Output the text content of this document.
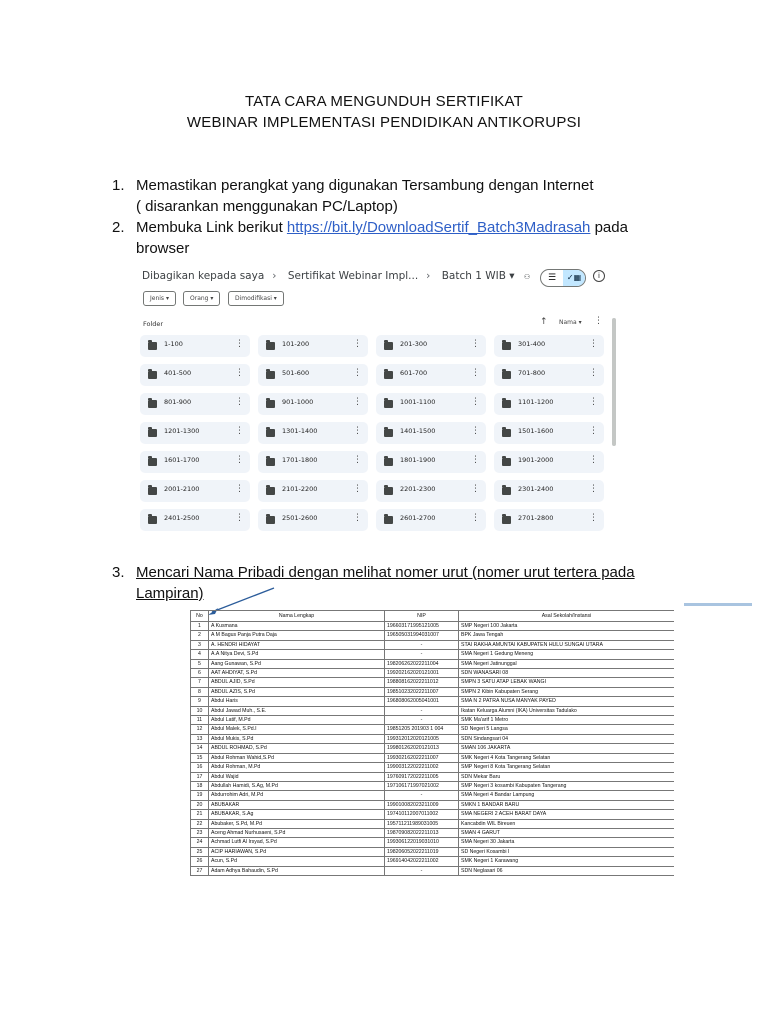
TATA CARA MENGUNDUH SERTIFIKAT
WEBINAR IMPLEMENTASI PENDIDIKAN ANTIKORUPSI
1. Memastikan perangkat yang digunakan Tersambung dengan Internet
( disarankan menggunakan PC/Laptop)
2. Membuka Link berikut https://bit.ly/DownloadSertif_Batch3Madrasah pada
browser
Dibagikan kepada saya › Sertifikat Webinar Impl... › Batch 1 WIB ▾ ⚇	☰	✓▦	i
Jenis ▾	Orang ▾	Dimodifikasi ▾
Folder	↑ Nama ▾ ⋮
1-100	⋮	101-200	⋮	201-300	⋮	301-400	⋮
401-500	⋮	501-600	⋮	601-700	⋮	701-800	⋮
801-900	⋮	901-1000	⋮	1001-1100	⋮	1101-1200	⋮
1201-1300	⋮	1301-1400	⋮	1401-1500	⋮	1501-1600	⋮
1601-1700	⋮	1701-1800	⋮	1801-1900	⋮	1901-2000	⋮
2001-2100	⋮	2101-2200	⋮	2201-2300	⋮	2301-2400	⋮
2401-2500	⋮	2501-2600	⋮	2601-2700	⋮	2701-2800	⋮
3. Mencari Nama Pribadi dengan melihat nomer urut (nomer urut tertera pada
Lampiran)
No	Nama Lengkap	NIP	Asal Sekolah/Instansi
1	A Kusmana	196603171995121005	SMP Negeri 100 Jakarta
2	A M Bagus Panja Putra Daja	196505031994031007	BPK Jawa Tengah
3	A. HENDRI HIDAYAT	-	STAI RAKHA AMUNTAI KABUPATEN HULU SUNGAI UTARA
4	A.A Nitya Devi, S.Pd	-	SMA Negeri 1 Gedung Meneng
5	Aang Gunawan, S.Pd	198206262022211004	SMA Negeri Jatinunggal
6	AAT AHDIYAT, S.Pd	199202162020121001	SDN WANASARI 08
7	ABDUL AJID, S.Pd	198808162022211012	SMPN 3 SATU ATAP LEBAK WANGI
8	ABDUL AZIS, S.Pd	198510232022211007	SMPN 2 Kibin Kabupaten Serang
9	Abdul Haris	196808062005041001	SMA N 2 PATRA NUSA MANYAK PAYED
10	Abdul Jawad Muh., S.E.	-	Ikatan Keluarga Alumni (IKA) Universitas Tadulako
11	Abdul Latif, M.Pd	-	SMK Ma'arif 1 Metro
12	Abdul Malek, S.Pd.I	19851205 201903 1 004	SD Negeri 5 Langsa
13	Abdul Mukis, S.Pd	199312012020121005	SDN Sindangsari 04
14	ABDUL ROHMAD, S.Pd	199801262020121013	SMAN 106 JAKARTA
15	Abdul Rohman Wahid,S.Pd	199302162022211007	SMK Negeri 4 Kota Tangerang Selatan
16	Abdul Rohman, M.Pd	199003122022211002	SMP Negeri 8 Kota Tangerang Selatan
17	Abdul Wajid	197609172022211005	SDN Mekar Baru
18	Abdullah Hamidi, S.Ag, M.Pd	197106171997021002	SMP Negeri 3 kosambi Kabupaten Tangerang
19	Abdurrohim Adri, M.Pd	-	SMA Negeri 4 Bandar Lampung
20	ABUBAKAR	199010082023211009	SMKN 1 BANDAR BARU
21	ABUBAKAR, S.Ag	197410112007011002	SMA NEGERI 2 ACEH BARAT DAYA
22	Abubaker, S.Pd, M.Pd	195711211989031005	Kancabdin WIL Bireuen
23	Aceng Ahmad Nurhusaeni, S.Pd	198709082022211013	SMAN 4 GARUT
24	Achmad Lutfi Al Irsyad, S.Pd	199306122019031010	SMA Negeri 30 Jakarta
25	ACIP HARIAWAN, S.Pd	198206052022211019	SD Negeri Kosambi I
26	Acun, S.Pd	196914042022211002	SMK Negeri 1 Karawang
27	Adam Adhya Bahaudin, S.Pd	-	SDN Neglasari 06
